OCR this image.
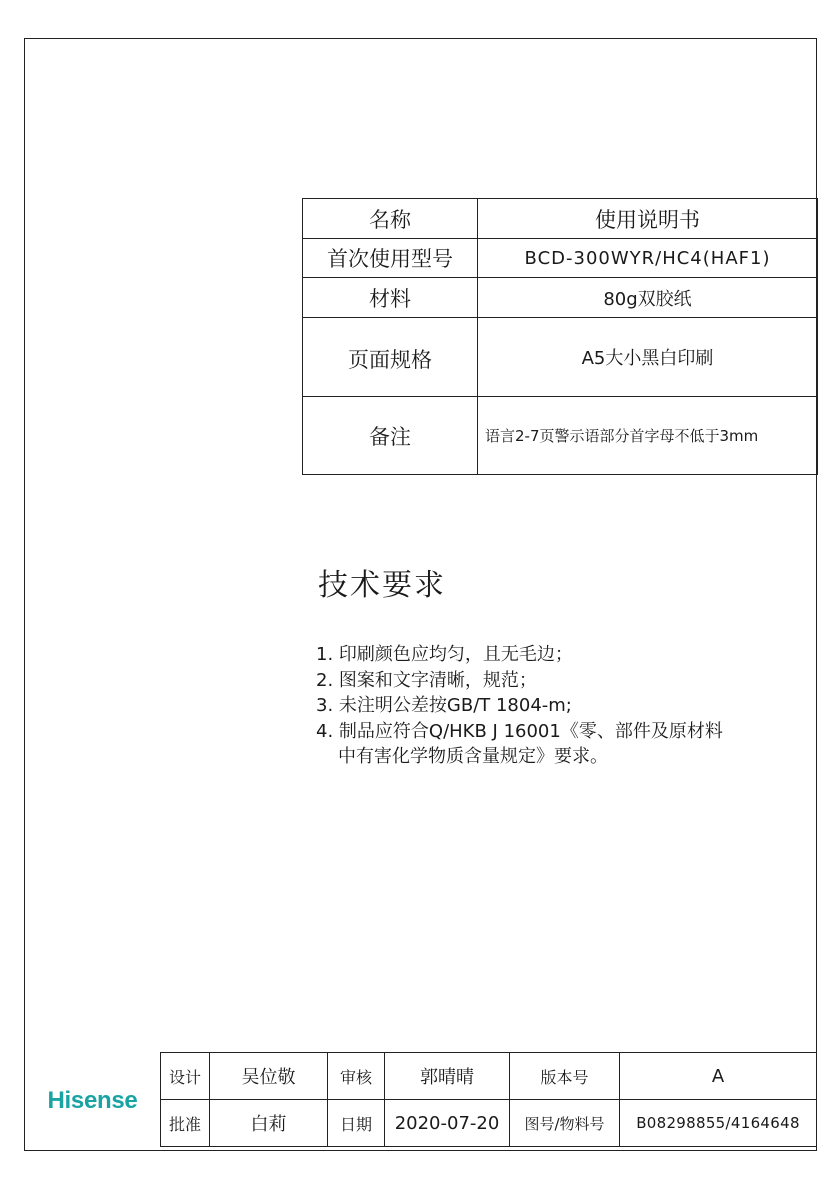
名称	使用说明书
首次使用型号	BCD-300WYR/HC4(HAF1)
材料	80g双胶纸
页面规格	A5大小黑白印刷
备注	语言2-7页警示语部分首字母不低于3mm
技术要求
1. 印刷颜色应均匀，且无毛边；
2. 图案和文字清晰，规范；
3. 未注明公差按GB/T 1804-m;
4. 制品应符合Q/HKB J 16001《零、部件及原材料
中有害化学物质含量规定》要求。
Hisense
设计	吴位敬	审核	郭晴晴	版本号	A
批准	白莉	日期	2020-07-20	图号/物料号	B08298855/4164648
